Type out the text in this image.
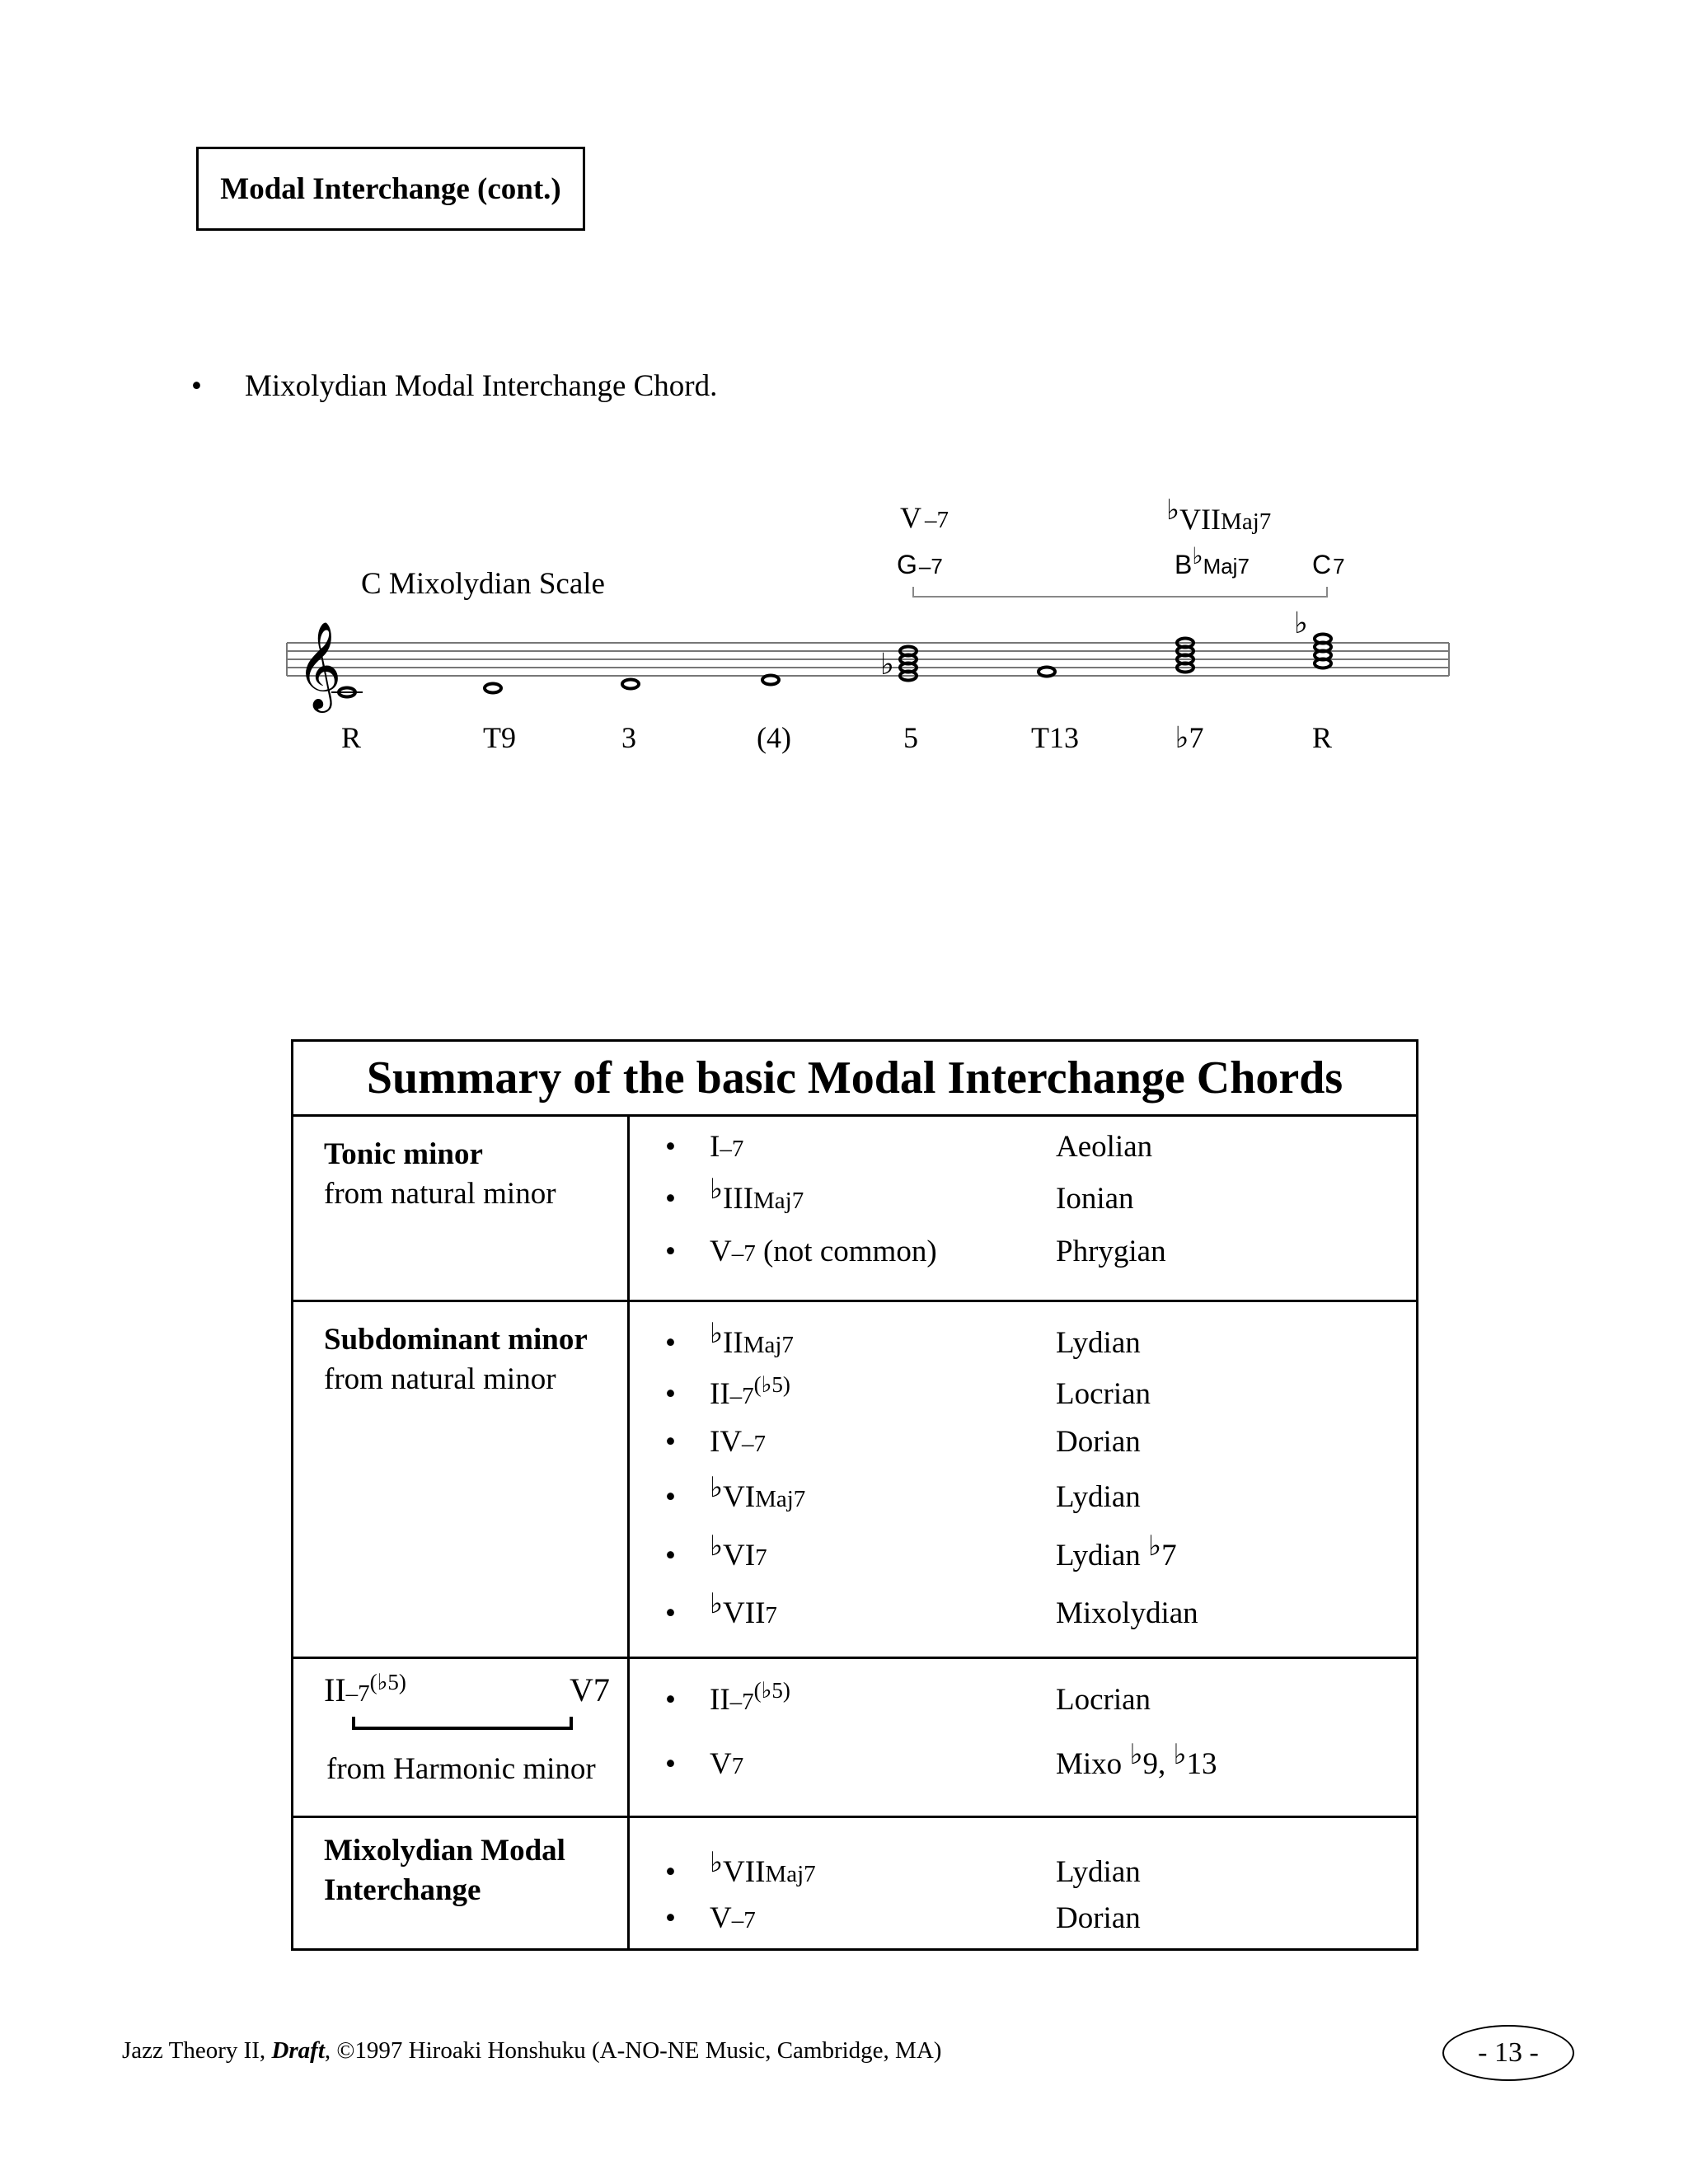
Modal Interchange (cont.)
• Mixolydian Modal Interchange Chord.
V –7	♭VIIMaj7
G–7	$B♭_{Maj7}$ C7
C Mixolydian Scale
𝄞	♭
♭
R	T9	3	(4)	5	T13	♭7	R
Summary of the basic Modal Interchange Chords
Tonic minor
from natural minor
• I–7	Aeolian
• ♭IIIMaj7	Ionian
• V–7 (not common)	Phrygian
Subdominant minor
from natural minor
• ♭IIMaj7	Lydian
• $II-7^{(♭5)}$	Locrian
• IV–7	Dorian
• ♭VIMaj7	Lydian
• ♭VI7	Lydian ♭7
• ♭VII7	Mixolydian
$II-7^{(♭5)}$	V7
from Harmonic minor
• $II-7^{(♭5)}$	Locrian
• V7	Mixo ♭9, ♭13
Mixolydian Modal
Interchange
• ♭VIIMaj7	Lydian
• V–7	Dorian
Jazz Theory II, Draft, ©1997 Hiroaki Honshuku (A-NO-NE Music, Cambridge, MA)	- 13 -
